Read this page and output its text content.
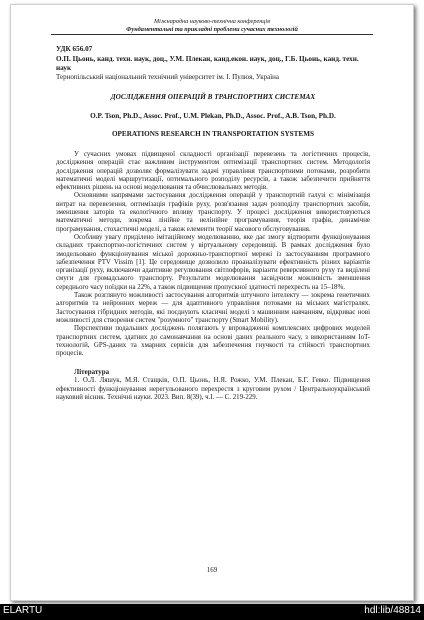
Міжнародна науково-технічна конференція
Фундаментальні та прикладні проблеми сучасних технологій

УДК 656.07

О.П. Цьонь, канд. техн. наук, доц., У.М. Плекан, канд.екон. наук, доц., Г.Б. Цьонь, канд. техн. наук

Тернопільський національний технічний університет ім. І. Пулюя, Україна

ДОСЛІДЖЕННЯ ОПЕРАЦІЙ В ТРАНСПОРТНИХ СИСТЕМАХ

O.P. Tson, Ph.D., Assoc. Prof., U.M. Plekan, Ph.D., Assoc. Prof., A.B. Tson, Ph.D.

OPERATIONS RESEARCH IN TRANSPORTATION SYSTEMS

У сучасних умовах підвищеної складності організації перевезень та логістичних процесів, дослідження операцій стає важливим інструментом оптимізації транспортних систем. Методологія дослідження операцій дозволяє формалізувати задачі управління транспортними потоками, розробити математичні моделі маршрутизації, оптимального розподілу ресурсів, а також забезпечити прийняття ефективних рішень на основі моделювання та обчислювальних методів.

Основними напрямами застосування дослідження операцій у транспортній галузі є: мінімізація витрат на перевезення, оптимізація графіків руху, розв'язання задач розподілу транспортних засобів, зменшення заторів та екологічного впливу транспорту. У процесі дослідження використовуються математичні методи, зокрема лінійне та нелінійне програмування, теорія графів, динамічне програмування, стохастичні моделі, а також елементи теорії масового обслуговування.

Особливу увагу приділено імітаційному моделюванню, яке дає змогу відтворити функціонування складних транспортно-логістичних систем у віртуальному середовищі. В рамках дослідження було змодельовано функціонування міської дорожньо-транспортної мережі із застосуванням програмного забезпечення PTV Vissim [1]. Це середовище дозволило проаналізувати ефективність різних варіантів організації руху, включаючи адаптивне регулювання світлофорів, варіанти реверсивного руху та виділені смуги для громадського транспорту. Результати моделювання засвідчили можливість зменшення середнього часу поїздки на 22%, а також підвищення пропускної здатності перехресть на 15–18%.

Також розглянуто можливості застосування алгоритмів штучного інтелекту — зокрема генетичних алгоритмів та нейронних мереж — для адаптивного управління потоками на міських магістралях. Застосування гібридних методів, які поєднують класичні моделі з машинним навчанням, відкриває нові можливості для створення систем "розумного" транспорту (Smart Mobility).

Перспективи подальших досліджень полягають у впровадженні комплексних цифрових моделей транспортних систем, здатних до самонавчання на основі даних реального часу, з використанням IoT-технологій, GPS-даних та хмарних сервісів для забезпечення гнучкості та стійкості транспортних процесів.

Література

1. О.Л. Ляшук, М.Я. Стащків, О.П. Цьонь, Н.Я. Рожко, У.М. Плекан, Б.Г. Гевко. Підвищення ефективності функціонування нерегульованого перехрестя з круговим рухом / Центральноукраїнський науковий вісник. Технічні науки. 2023. Вип. 8(39), ч.І. — С. 219-229.

169
ELARTU	hdl:lib/48814
